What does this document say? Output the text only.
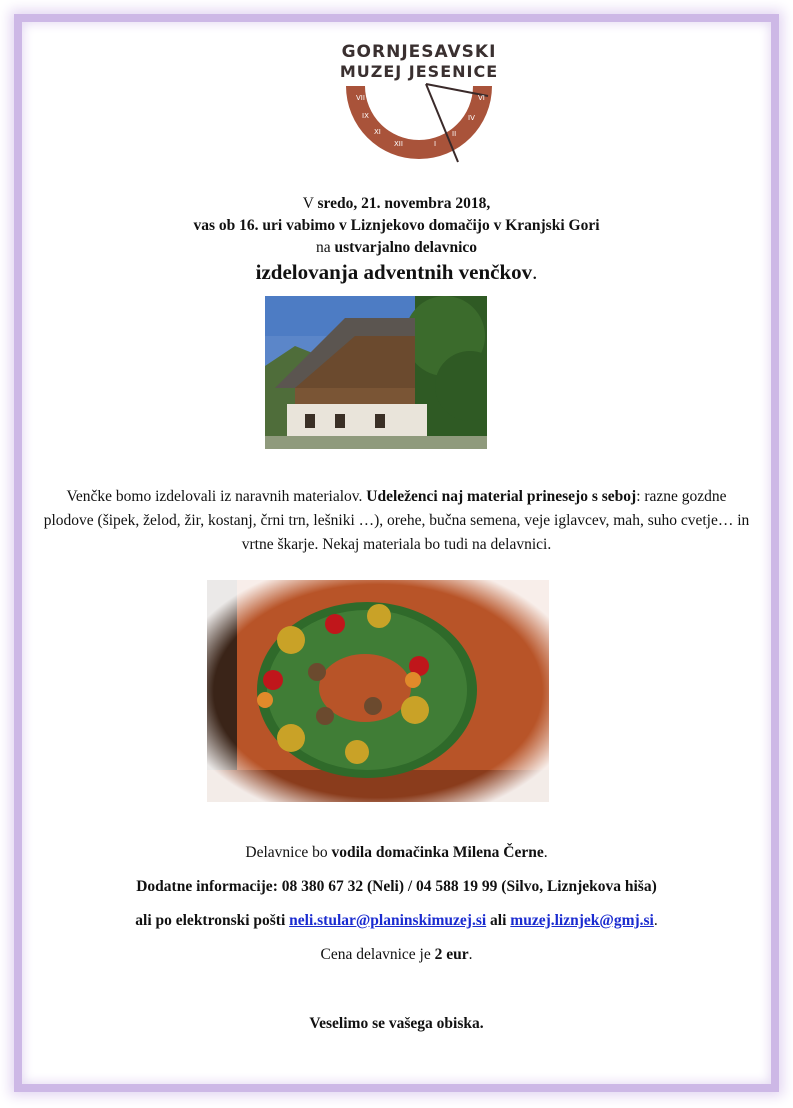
GORNJESAVSKI
MUZEJ JESENICE
VII
IX
XI
XII	I
II
IV
VI
V sredo, 21. novembra 2018,
vas ob 16. uri vabimo v Liznjekovo domačijo v Kranjski Gori
na ustvarjalno delavnico
izdelovanja adventnih venčkov.
Venčke bomo izdelovali iz naravnih materialov. Udeleženci naj material prinesejo s seboj: razne gozdne plodove (šipek, želod, žir, kostanj, črni trn, lešniki …), orehe, bučna semena, veje iglavcev, mah, suho cvetje… in vrtne škarje. Nekaj materiala bo tudi na delavnici.
Delavnice bo vodila domačinka Milena Černe.
Dodatne informacije: 08 380 67 32 (Neli) / 04 588 19 99 (Silvo, Liznjekova hiša)
ali po elektronski pošti neli.stular@planinskimuzej.si ali muzej.liznjek@gmj.si.
Cena delavnice je 2 eur.
Veselimo se vašega obiska.
